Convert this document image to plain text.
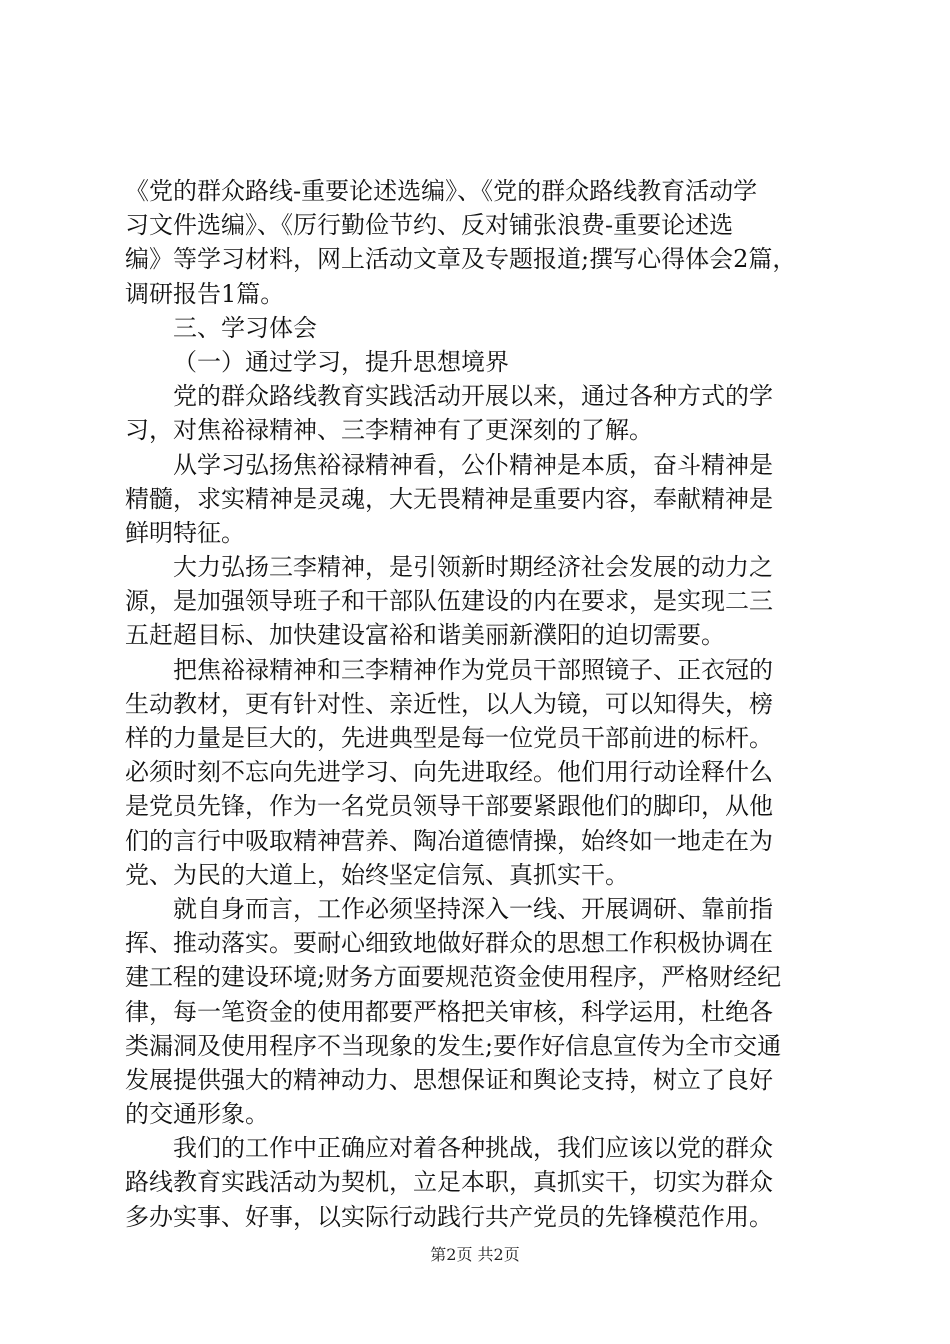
《党的群众路线-重要论述选编》、《党的群众路线教育活动学
习文件选编》、《厉行勤俭节约、反对铺张浪费-重要论述选
编》等学习材料，网上活动文章及专题报道;撰写心得体会2篇，
调研报告1篇。
三、学习体会
（一）通过学习，提升思想境界
党的群众路线教育实践活动开展以来，通过各种方式的学
习，对焦裕禄精神、三李精神有了更深刻的了解。
从学习弘扬焦裕禄精神看，公仆精神是本质，奋斗精神是
精髓，求实精神是灵魂，大无畏精神是重要内容，奉献精神是
鲜明特征。
大力弘扬三李精神，是引领新时期经济社会发展的动力之
源，是加强领导班子和干部队伍建设的内在要求，是实现二三
五赶超目标、加快建设富裕和谐美丽新濮阳的迫切需要。
把焦裕禄精神和三李精神作为党员干部照镜子、正衣冠的
生动教材，更有针对性、亲近性，以人为镜，可以知得失，榜
样的力量是巨大的，先进典型是每一位党员干部前进的标杆。
必须时刻不忘向先进学习、向先进取经。他们用行动诠释什么
是党员先锋，作为一名党员领导干部要紧跟他们的脚印，从他
们的言行中吸取精神营养、陶冶道德情操，始终如一地走在为
党、为民的大道上，始终坚定信氖、真抓实干。
就自身而言，工作必须坚持深入一线、开展调研、靠前指
挥、推动落实。要耐心细致地做好群众的思想工作积极协调在
建工程的建设环境;财务方面要规范资金使用程序，严格财经纪
律，每一笔资金的使用都要严格把关审核，科学运用，杜绝各
类漏洞及使用程序不当现象的发生;要作好信息宣传为全市交通
发展提供强大的精神动力、思想保证和舆论支持，树立了良好
的交通形象。
我们的工作中正确应对着各种挑战，我们应该以党的群众
路线教育实践活动为契机，立足本职，真抓实干，切实为群众
多办实事、好事，以实际行动践行共产党员的先锋模范作用。
第2页 共2页
